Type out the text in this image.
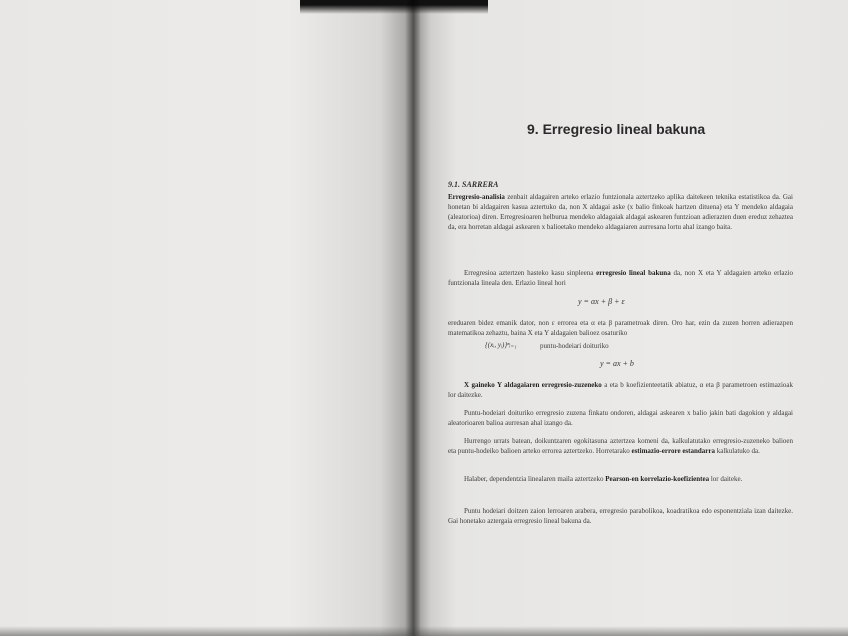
9. Erregresio lineal bakuna
9.1. SARRERA

Erregresio-analisia zenbait aldagairen arteko erlazio funtzionala aztertzeko aplika daitekeen teknika estatistikoa da. Gai honetan bi aldagairen kasua aztertuko da, non X aldagai aske (x balio finkoak hartzen dituena) eta Y mendeko aldagaia (aleatorioa) diren. Erregresioaren helburua mendeko aldagaiak aldagai askearen funtzioan adierazten duen ereduz zehaztea da, era horretan aldagai askearen x balioetako mendeko aldagaiaren aurresana lortu ahal izango baita.

Erregresioa aztertzen hasteko kasu sinpleena erregresio lineal bakuna da, non X eta Y aldagaien arteko erlazio funtzionala lineala den. Erlazio lineal hori

y = αx + β + ε

ereduaren bidez emanik dator, non ε errorea eta α eta β parametroak diren. Oro har, ezin da zuzen horren adierazpen matematikoa zehaztu, baina X eta Y aldagaien balioez osaturiko

{(xᵢ, yᵢ)}ⁿᵢ₌₁	puntu-hodeiari doituriko

y = ax + b

X gaineko Y aldagaiaren erregresio-zuzeneko a eta b koefizienteetatik abiatuz, α eta β parametroen estimazioak lor daitezke.

Puntu-hodeiari doituriko erregresio zuzena finkatu ondoren, aldagai askearen x balio jakin bati dagokion y aldagai aleatorioaren balioa aurresan ahal izango da.

Hurrengo urrats batean, doikuntzaren egokitasuna aztertzea komeni da, kalkulatutako erregresio-zuzeneko balioen eta puntu-hodeiko balioen arteko errorea aztertzeko. Horretarako estimazio-errore estandarra kalkulatuko da.

Halaber, dependentzia linealaren maila aztertzeko Pearson-en korrelazio-koefizientea lor daiteke.

Puntu hodeiari doitzen zaion lerroaren arabera, erregresio parabolikoa, koadratikoa edo esponentziala izan daitezke. Gai honetako aztergaia erregresio lineal bakuna da.
